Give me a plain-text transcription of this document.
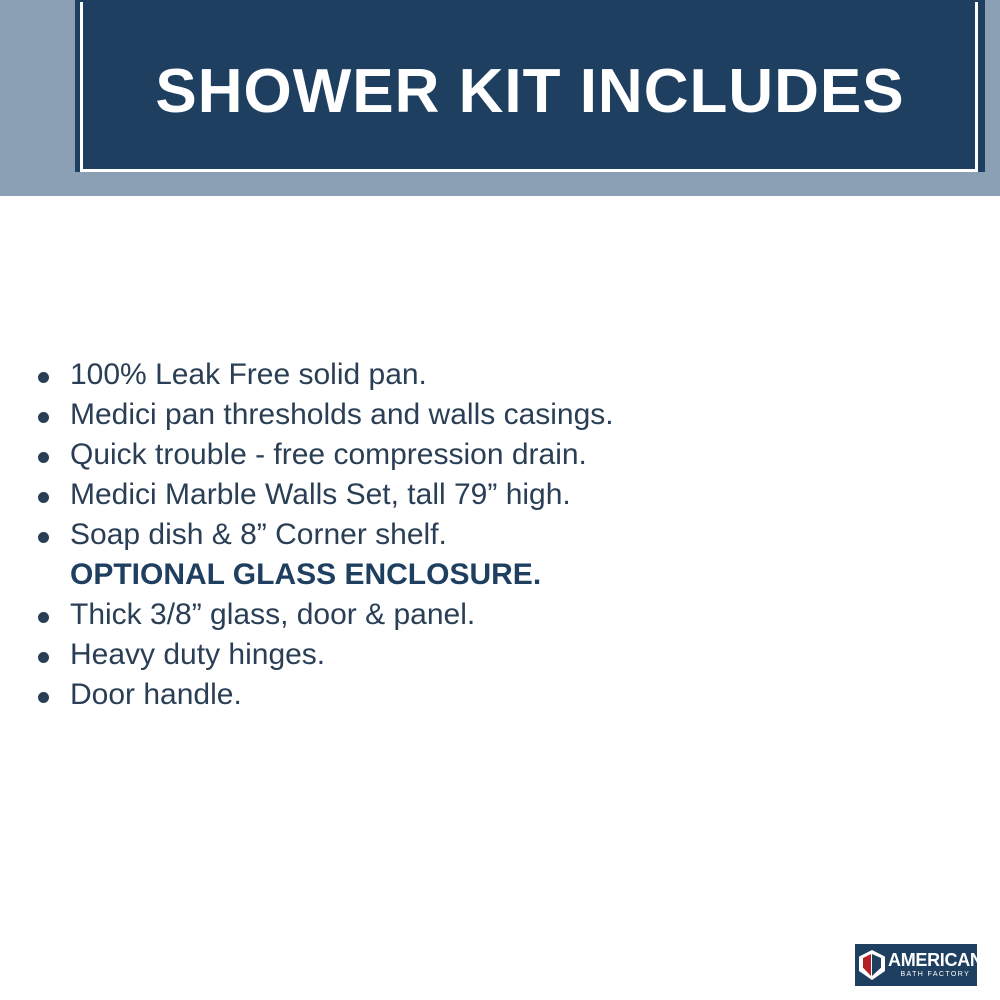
SHOWER KIT INCLUDES
100% Leak Free solid pan.
Medici pan thresholds and walls casings.
Quick trouble - free compression drain.
Medici Marble Walls Set, tall 79” high.
Soap dish & 8” Corner shelf.
OPTIONAL GLASS ENCLOSURE.
Thick 3/8” glass, door & panel.
Heavy duty hinges.
Door handle.
AMERICAN
BATH FACTORY
